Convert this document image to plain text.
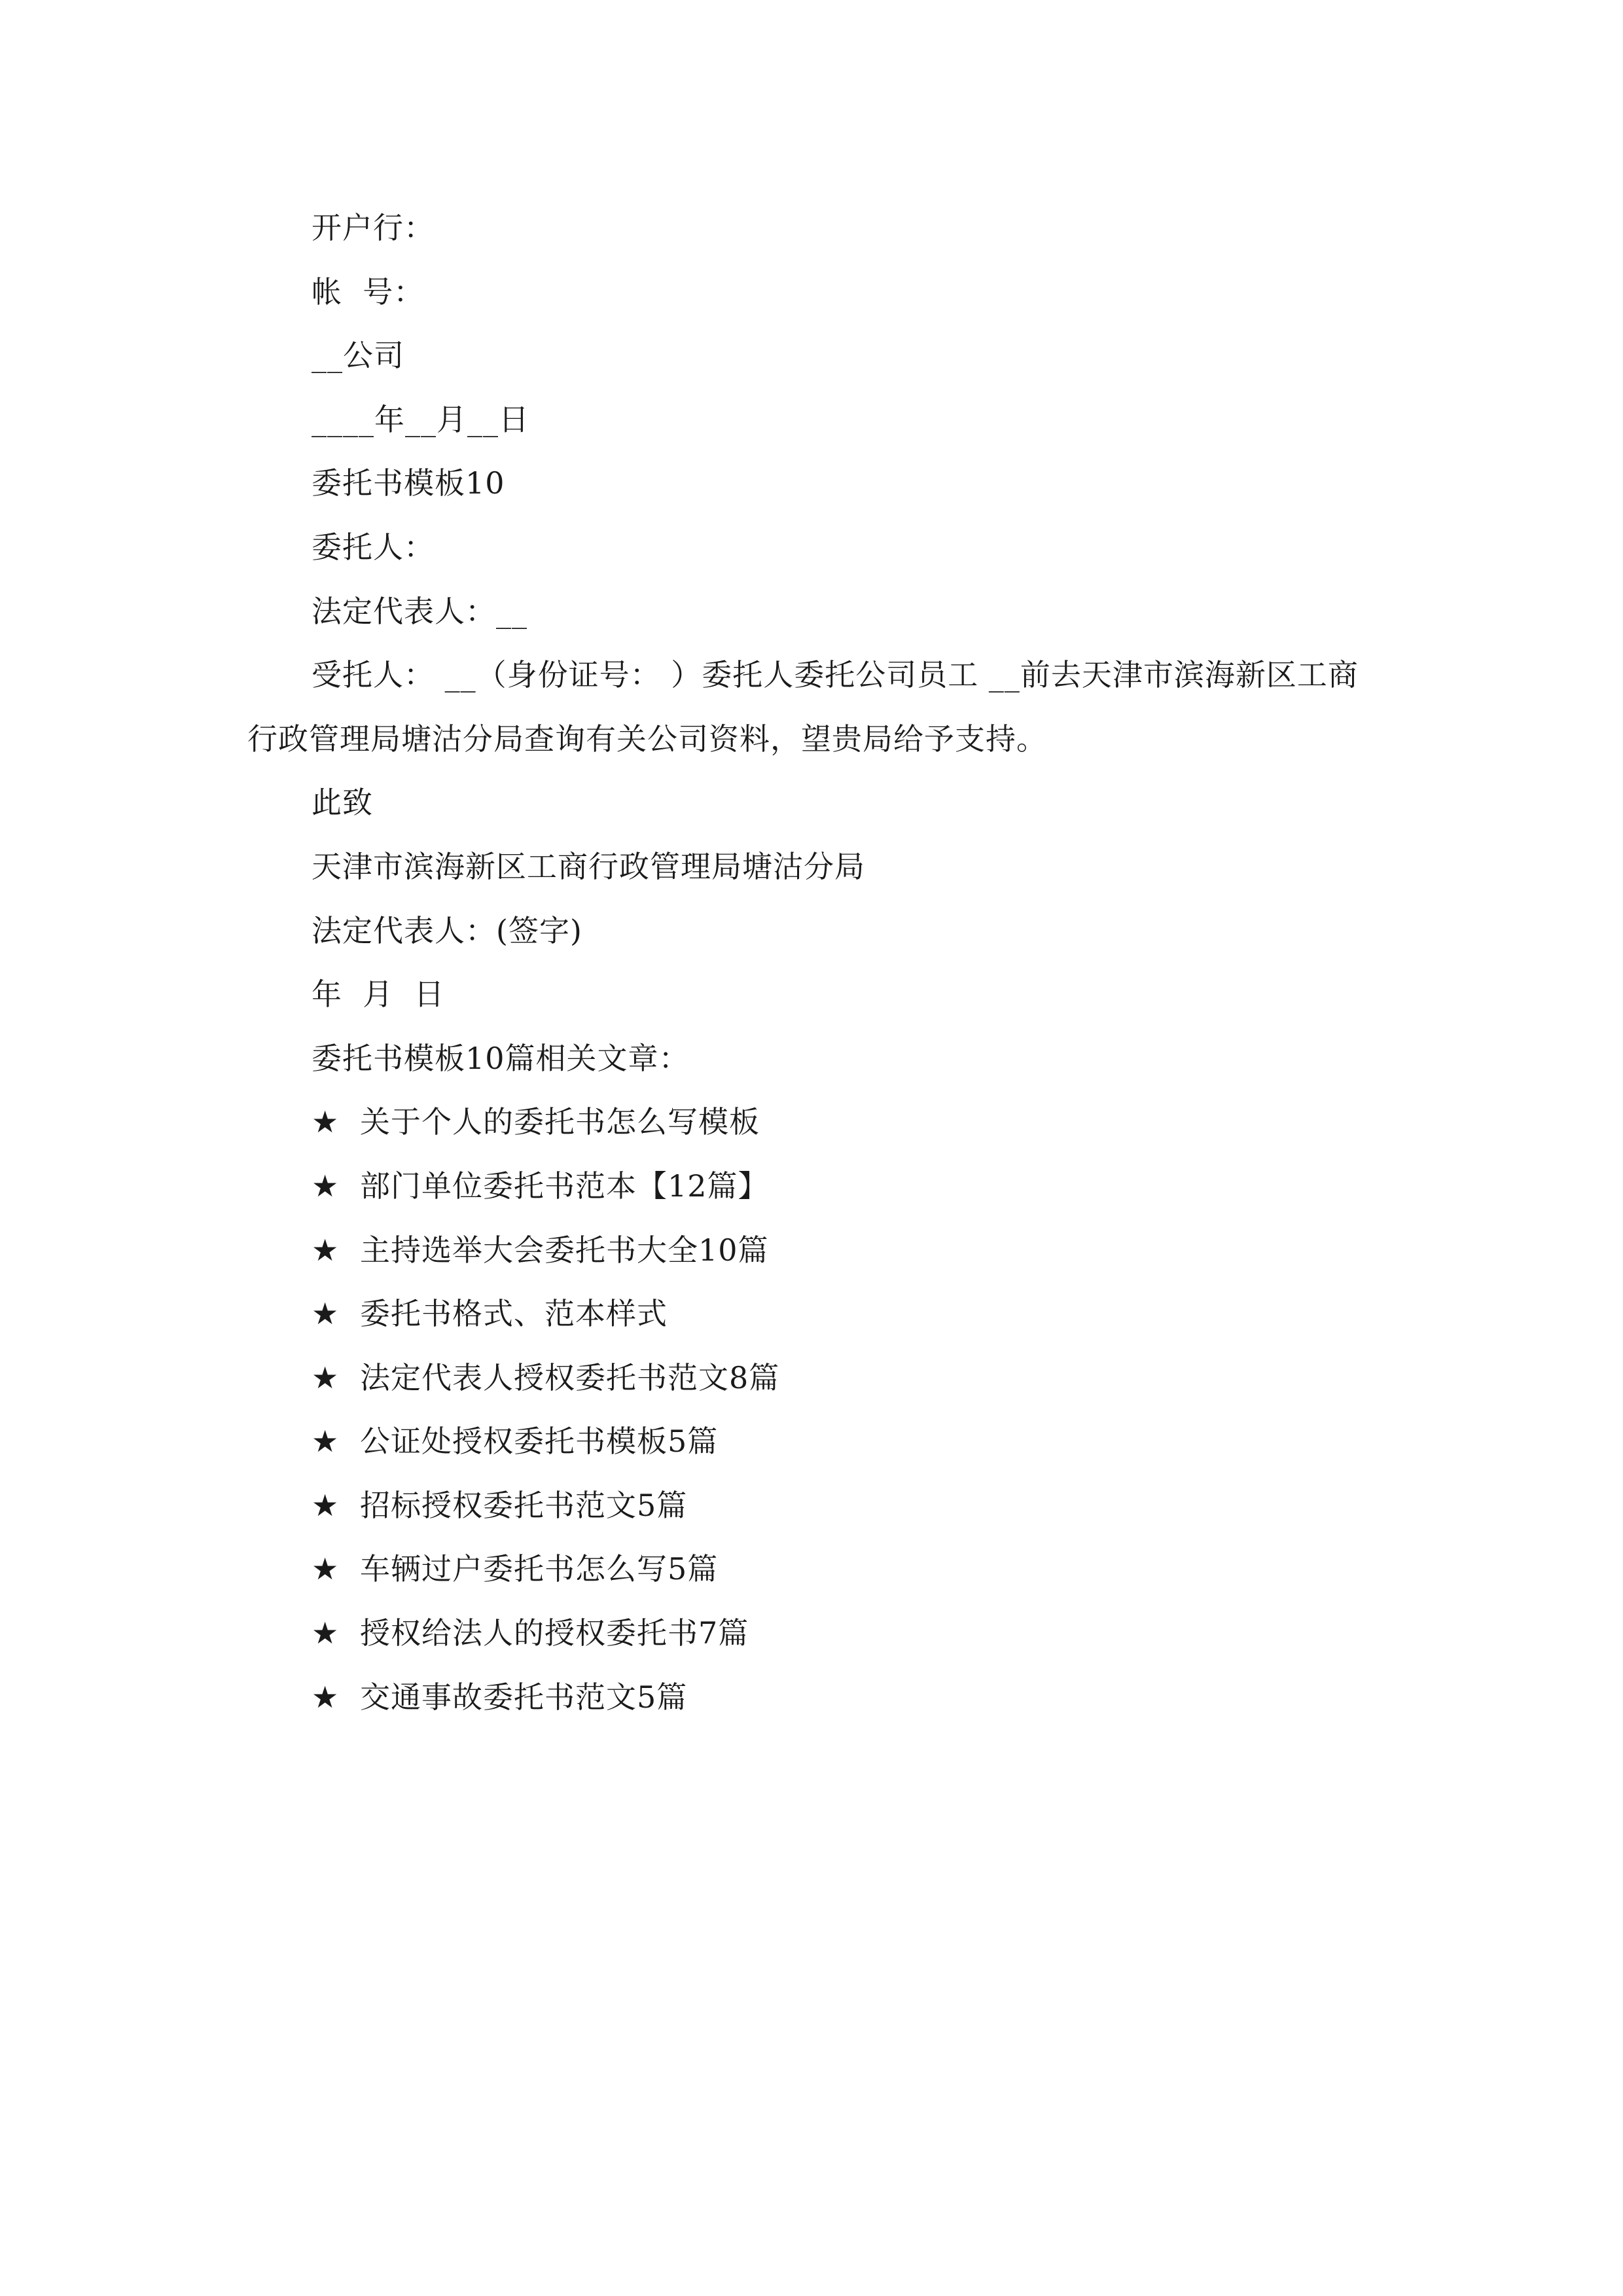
开户行：
帐  号：
__公司
____年__月__日
委托书模板10
委托人：
法定代表人：__
受托人： __（身份证号： ）委托人委托公司员工 __前去天津市滨海新区工商行政管理局塘沽分局查询有关公司资料，望贵局给予支持。
此致
天津市滨海新区工商行政管理局塘沽分局
法定代表人：(签字)
年  月  日
委托书模板10篇相关文章：
★ 关于个人的委托书怎么写模板
★ 部门单位委托书范本【12篇】
★ 主持选举大会委托书大全10篇
★ 委托书格式、范本样式
★ 法定代表人授权委托书范文8篇
★ 公证处授权委托书模板5篇
★ 招标授权委托书范文5篇
★ 车辆过户委托书怎么写5篇
★ 授权给法人的授权委托书7篇
★ 交通事故委托书范文5篇
